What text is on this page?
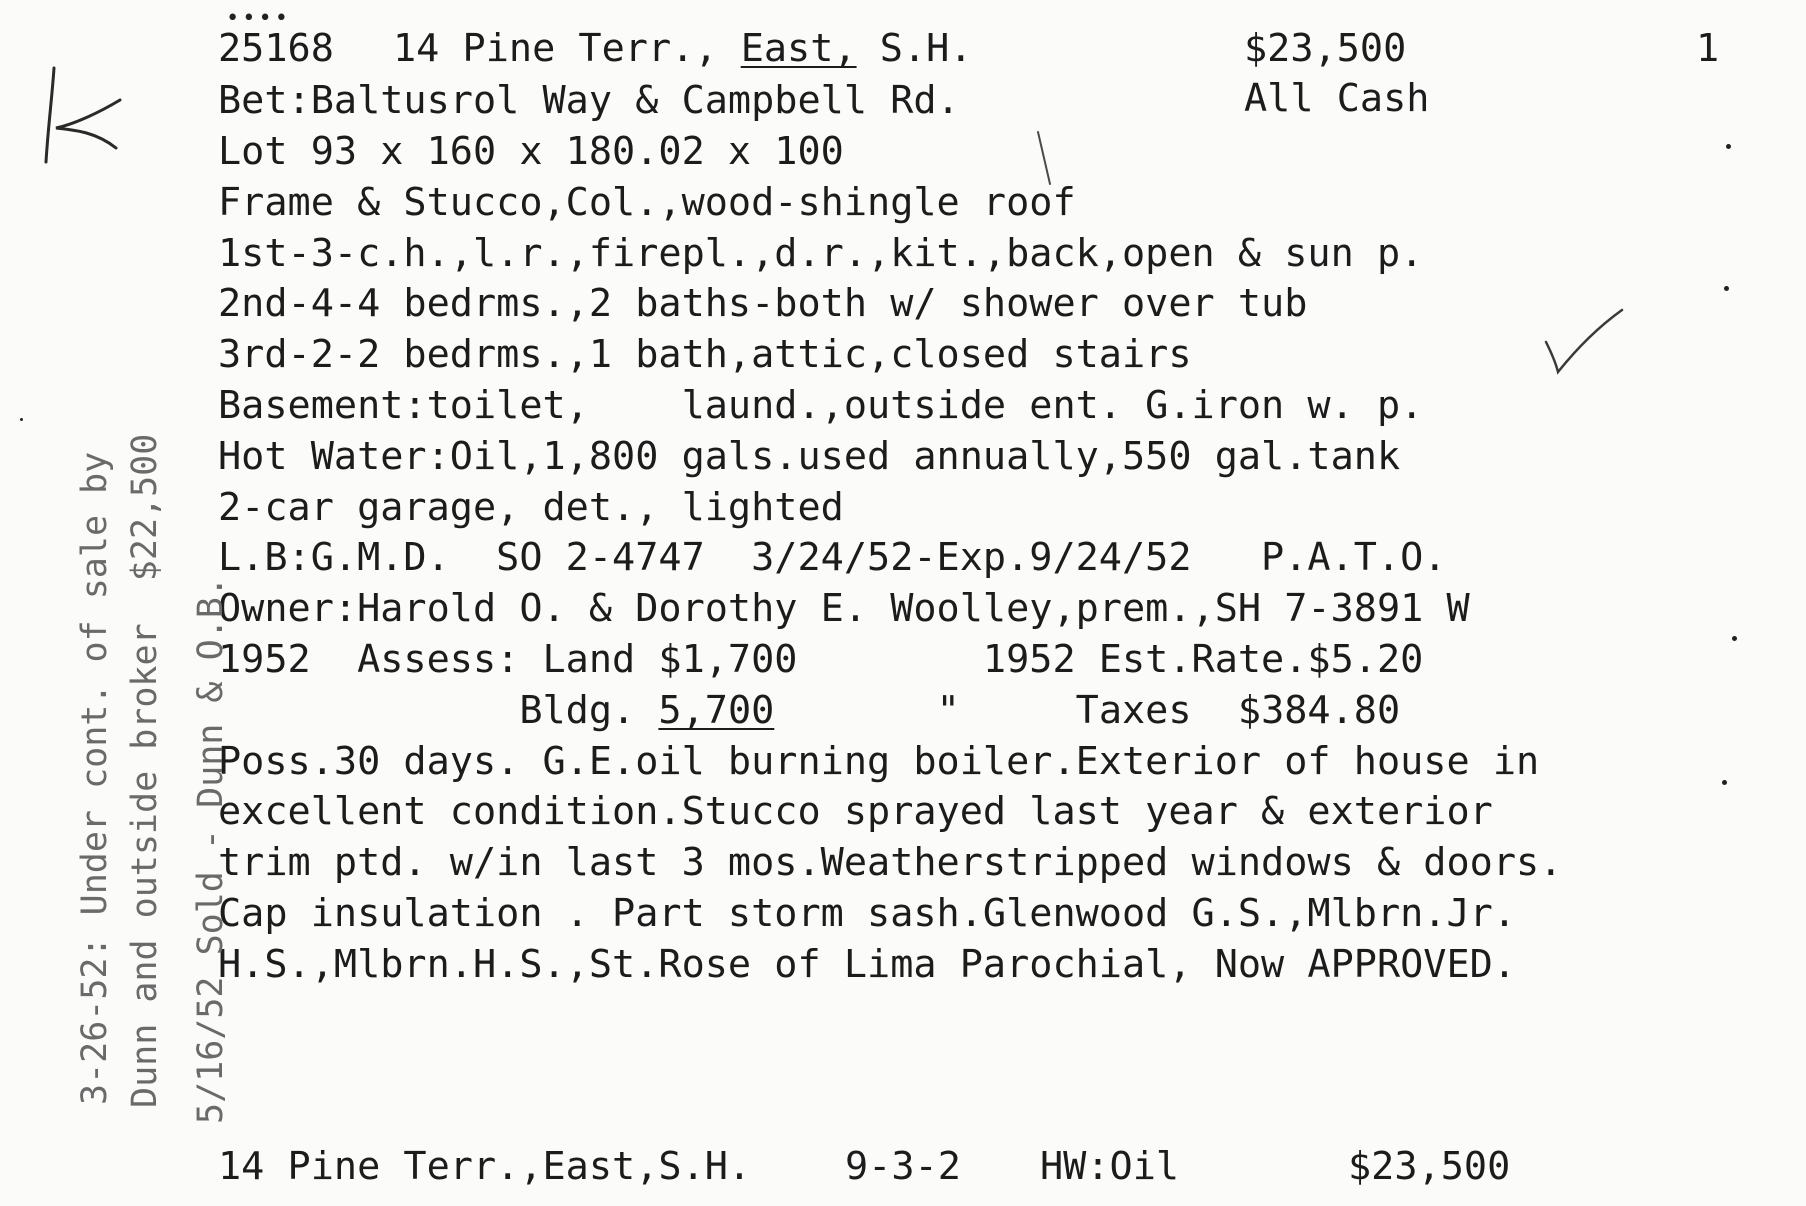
••••
25168 14 Pine Terr., East, S.H.	$23,500	1
Bet:Baltusrol Way & Campbell Rd.	All Cash
Lot 93 x 160 x 180.02 x 100
Frame & Stucco,Col.,wood-shingle roof
1st-3-c.h.,l.r.,firepl.,d.r.,kit.,back,open & sun p.
2nd-4-4 bedrms.,2 baths-both w/ shower over tub
3rd-2-2 bedrms.,1 bath,attic,closed stairs
Basement:toilet,    laund.,outside ent. G.iron w. p.
Hot Water:Oil,1,800 gals.used annually,550 gal.tank
2-car garage, det., lighted
L.B:G.M.D.  SO 2-4747  3/24/52-Exp.9/24/52   P.A.T.O.
Owner:Harold O. & Dorothy E. Woolley,prem.,SH 7-3891 W
1952  Assess: Land $1,700        1952 Est.Rate.$5.20
Bldg. 5,700       "     Taxes  $384.80
Poss.30 days. G.E.oil burning boiler.Exterior of house in
excellent condition.Stucco sprayed last year & exterior
trim ptd. w/in last 3 mos.Weatherstripped windows & doors.
Cap insulation . Part storm sash.Glenwood G.S.,Mlbrn.Jr.
H.S.,Mlbrn.H.S.,St.Rose of Lima Parochial, Now APPROVED.
14 Pine Terr.,East,S.H. 9-3-2 HW:Oil	$23,500
3-26-52: Under cont. of sale by Dunn and outside broker  $22,500 5/16/52 Sold - Dunn & O.B.
